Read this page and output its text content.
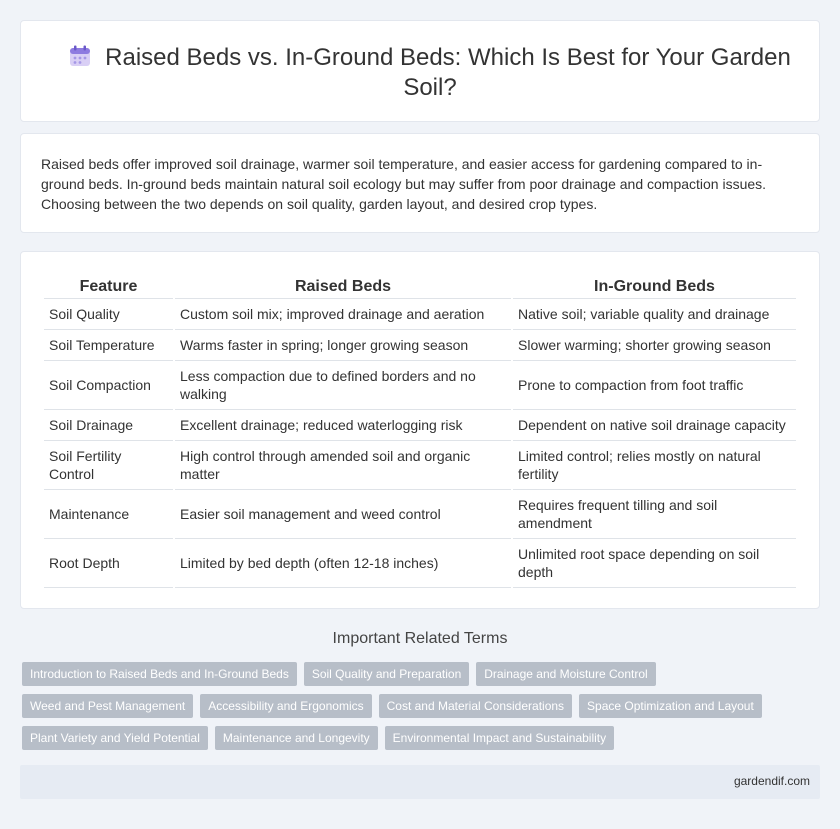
Raised Beds vs. In-Ground Beds: Which Is Best for Your Garden Soil?
Raised beds offer improved soil drainage, warmer soil temperature, and easier access for gardening compared to in-ground beds. In-ground beds maintain natural soil ecology but may suffer from poor drainage and compaction issues. Choosing between the two depends on soil quality, garden layout, and desired crop types.
Feature	Raised Beds	In-Ground Beds
Soil Quality	Custom soil mix; improved drainage and aeration	Native soil; variable quality and drainage
Soil Temperature	Warms faster in spring; longer growing season	Slower warming; shorter growing season
Soil Compaction	Less compaction due to defined borders and no walking	Prone to compaction from foot traffic
Soil Drainage	Excellent drainage; reduced waterlogging risk	Dependent on native soil drainage capacity
Soil Fertility Control	High control through amended soil and organic matter	Limited control; relies mostly on natural fertility
Maintenance	Easier soil management and weed control	Requires frequent tilling and soil amendment
Root Depth	Limited by bed depth (often 12-18 inches)	Unlimited root space depending on soil depth
Important Related Terms
Introduction to Raised Beds and In-Ground Beds	Soil Quality and Preparation	Drainage and Moisture Control
Weed and Pest Management	Accessibility and Ergonomics	Cost and Material Considerations	Space Optimization and Layout
Plant Variety and Yield Potential	Maintenance and Longevity	Environmental Impact and Sustainability
gardendif.com
